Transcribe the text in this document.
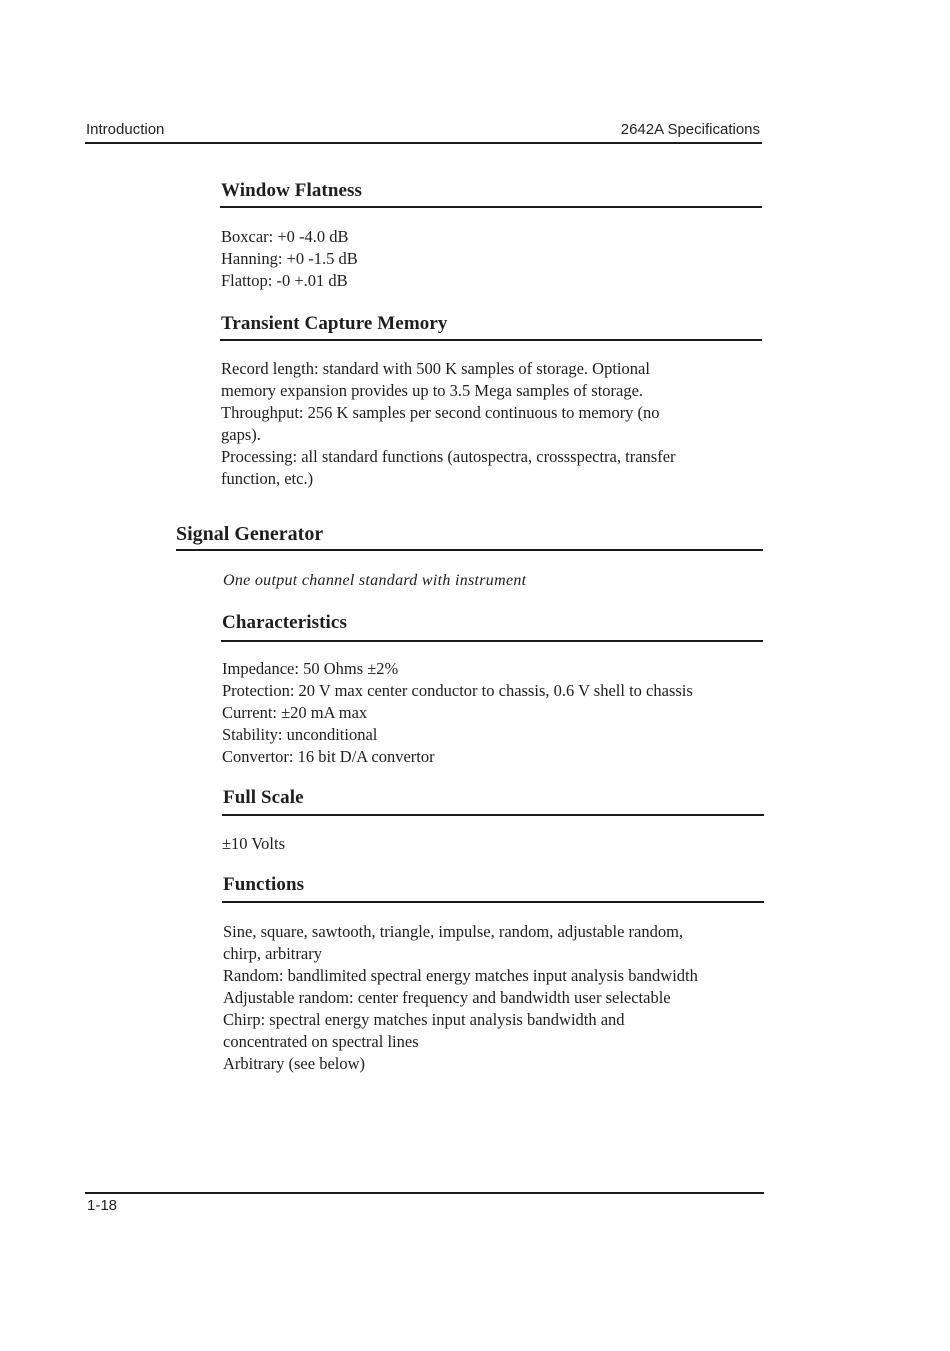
Introduction	2642A Specifications
Window Flatness
Boxcar: +0 -4.0 dB
Hanning: +0 -1.5 dB
Flattop: -0 +.01 dB
Transient Capture Memory
Record length: standard with 500 K samples of storage. Optional
memory expansion provides up to 3.5 Mega samples of storage.
Throughput: 256 K samples per second continuous to memory (no
gaps).
Processing: all standard functions (autospectra, crossspectra, transfer
function, etc.)
Signal Generator
One output channel standard with instrument
Characteristics
Impedance: 50 Ohms ±2%
Protection: 20 V max center conductor to chassis, 0.6 V shell to chassis
Current: ±20 mA max
Stability: unconditional
Convertor: 16 bit D/A convertor
Full Scale
±10 Volts
Functions
Sine, square, sawtooth, triangle, impulse, random, adjustable random,
chirp, arbitrary
Random: bandlimited spectral energy matches input analysis bandwidth
Adjustable random: center frequency and bandwidth user selectable
Chirp: spectral energy matches input analysis bandwidth and
concentrated on spectral lines
Arbitrary (see below)
1-18
